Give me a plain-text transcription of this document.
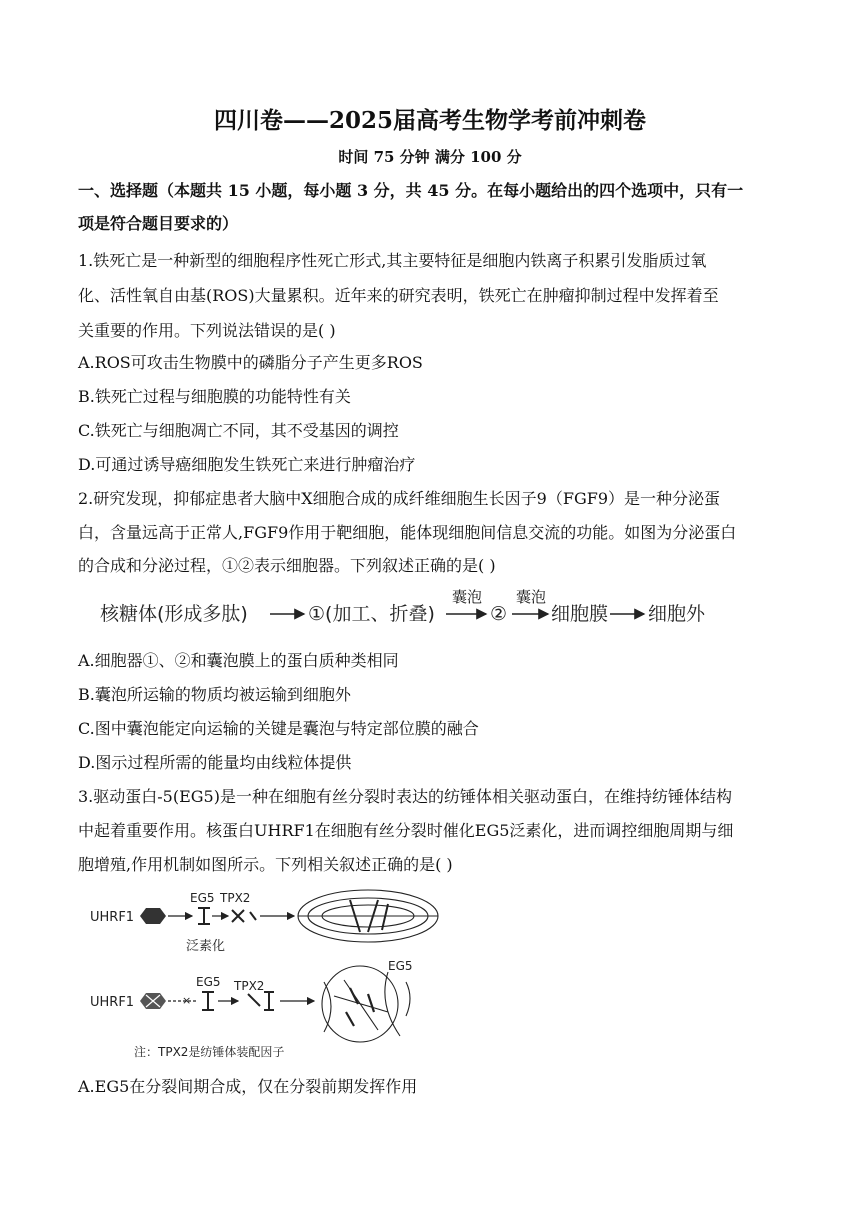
四川卷——2025届高考生物学考前冲刺卷
时间 75 分钟 满分 100 分
一、选择题（本题共 15 小题，每小题 3 分，共 45 分。在每小题给出的四个选项中，只有一
项是符合题目要求的）
1.铁死亡是一种新型的细胞程序性死亡形式,其主要特征是细胞内铁离子积累引发脂质过氧
化、活性氧自由基(ROS)大量累积。近年来的研究表明，铁死亡在肿瘤抑制过程中发挥着至
关重要的作用。下列说法错误的是( )
A.ROS可攻击生物膜中的磷脂分子产生更多ROS
B.铁死亡过程与细胞膜的功能特性有关
C.铁死亡与细胞凋亡不同，其不受基因的调控
D.可通过诱导癌细胞发生铁死亡来进行肿瘤治疗
2.研究发现，抑郁症患者大脑中X细胞合成的成纤维细胞生长因子9（FGF9）是一种分泌蛋
白，含量远高于正常人,FGF9作用于靶细胞，能体现细胞间信息交流的功能。如图为分泌蛋白
的合成和分泌过程，①②表示细胞器。下列叙述正确的是( )
核糖体(形成多肽)	①(加工、折叠)
囊泡
②
囊泡
细胞膜 细胞外
A.细胞器①、②和囊泡膜上的蛋白质种类相同
B.囊泡所运输的物质均被运输到细胞外
C.图中囊泡能定向运输的关键是囊泡与特定部位膜的融合
D.图示过程所需的能量均由线粒体提供
3.驱动蛋白-5(EG5)是一种在细胞有丝分裂时表达的纺锤体相关驱动蛋白，在维持纺锤体结构
中起着重要作用。核蛋白UHRF1在细胞有丝分裂时催化EG5泛素化，进而调控细胞周期与细
胞增殖,作用机制如图所示。下列相关叙述正确的是( )
UHRF1
EG5 TPX2
泛素化
UHRF1	×
EG5 TPX2
EG5
注：TPX2是纺锤体装配因子
A.EG5在分裂间期合成，仅在分裂前期发挥作用
